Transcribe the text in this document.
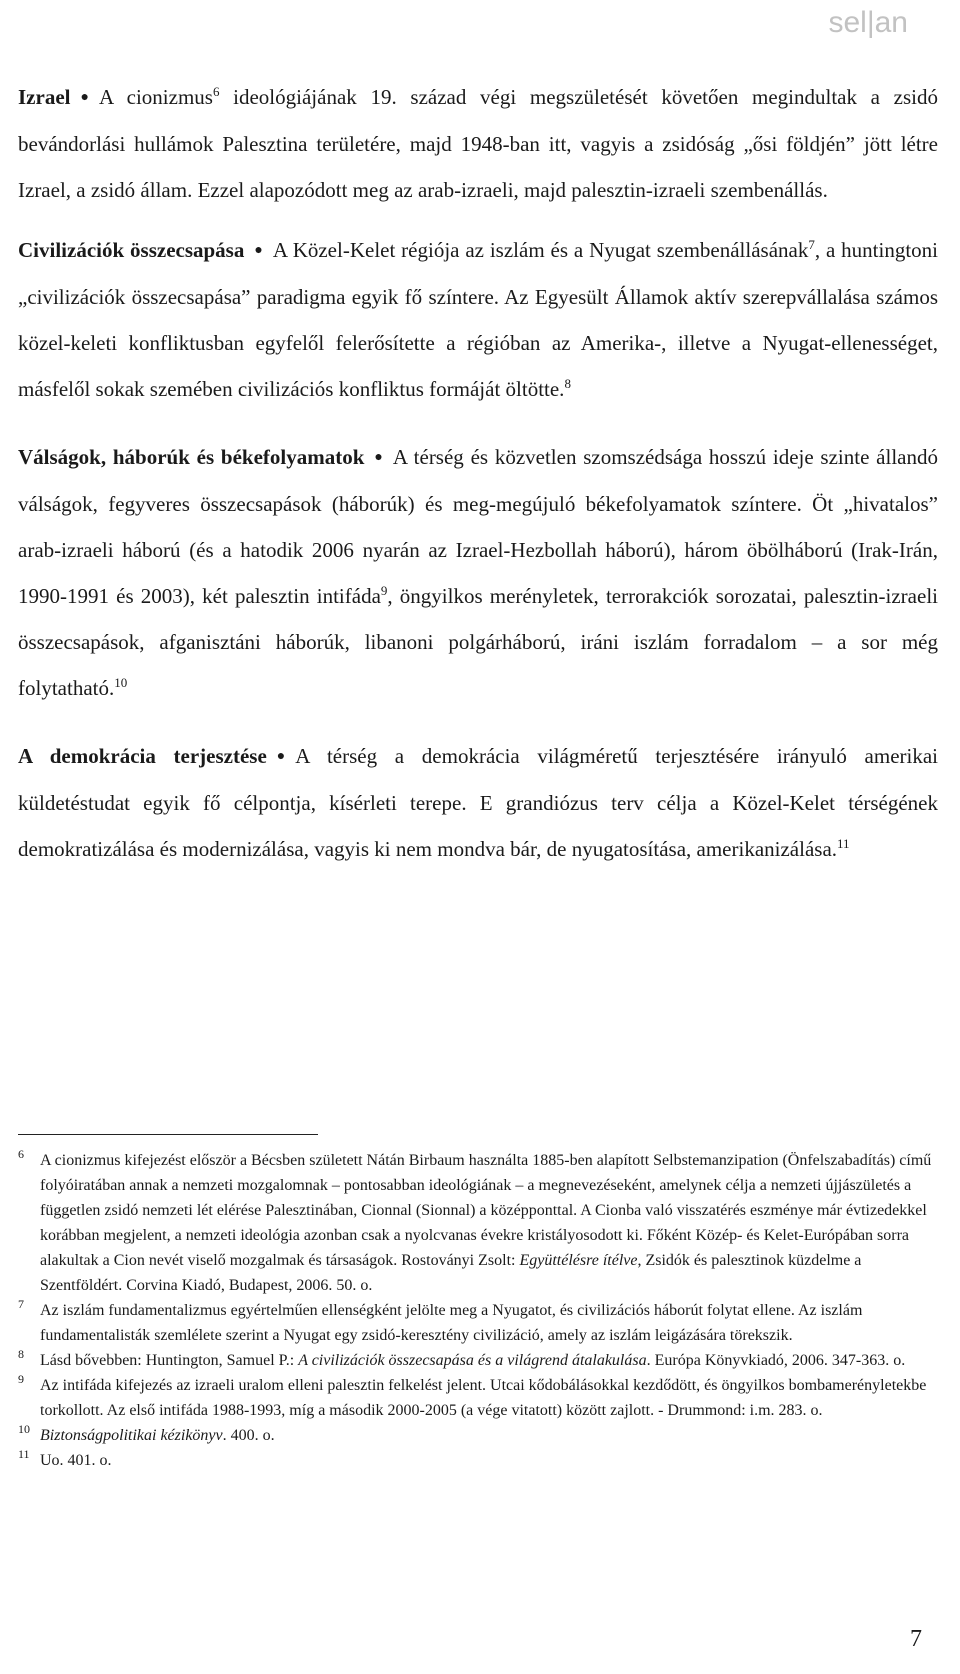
sel|an

Izrael ● A cionizmus$^6$ ideológiájának 19. század végi megszületését követően megindultak a zsidó bevándorlási hullámok Palesztina területére, majd 1948-ban itt, vagyis a zsidóság „ősi földjén” jött létre Izrael, a zsidó állam. Ezzel alapozódott meg az arab-izraeli, majd palesztin-izraeli szembenállás.

Civilizációk összecsapása ● A Közel-Kelet régiója az iszlám és a Nyugat szembenállásának$^7$, a huntingtoni „civilizációk összecsapása” paradigma egyik fő színtere. Az Egyesült Államok aktív szerepvállalása számos közel-keleti konfliktusban egyfelől felerősítette a régióban az Amerika-, illetve a Nyugat-ellenességet, másfelől sokak szemében civilizációs konfliktus formáját öltötte.$^8$

Válságok, háborúk és békefolyamatok ● A térség és közvetlen szomszédsága hosszú ideje szinte állandó válságok, fegyveres összecsapások (háborúk) és meg-megújuló békefolyamatok színtere. Öt „hivatalos” arab-izraeli háború (és a hatodik 2006 nyarán az Izrael-Hezbollah háború), három öbölháború (Irak-Irán, 1990-1991 és 2003), két palesztin intifáda$^9$, öngyilkos merényletek, terrorakciók sorozatai, palesztin-izraeli összecsapások, afganisztáni háborúk, libanoni polgárháború, iráni iszlám forradalom – a sor még folytatható.$^{10}$

A demokrácia terjesztése ● A térség a demokrácia világméretű terjesztésére irányuló amerikai küldetéstudat egyik fő célpontja, kísérleti terepe. E grandiózus terv célja a Közel-Kelet térségének demokratizálása és modernizálása, vagyis ki nem mondva bár, de nyugatosítása, amerikanizálása.$^{11}$

6 A cionizmus kifejezést először a Bécsben született Nátán Birbaum használta 1885-ben alapított Selbstemanzipation (Önfelszabadítás) című folyóiratában annak a nemzeti mozgalomnak – pontosabban ideológiának – a megnevezéseként, amelynek célja a nemzeti újjászületés a független zsidó nemzeti lét elérése Palesztinában, Cionnal (Sionnal) a középponttal. A Cionba való visszatérés eszménye már évtizedekkel korábban megjelent, a nemzeti ideológia azonban csak a nyolcvanas évekre kristályosodott ki. Főként Közép- és Kelet-Európában sorra alakultak a Cion nevét viselő mozgalmak és társaságok. Rostoványi Zsolt: Együttélésre ítélve, Zsidók és palesztinok küzdelme a Szentföldért. Corvina Kiadó, Budapest, 2006. 50. o.
7 Az iszlám fundamentalizmus egyértelműen ellenségként jelölte meg a Nyugatot, és civilizációs háborút folytat ellene. Az iszlám fundamentalisták szemlélete szerint a Nyugat egy zsidó-keresztény civilizáció, amely az iszlám leigázására törekszik.
8 Lásd bővebben: Huntington, Samuel P.: A civilizációk összecsapása és a világrend átalakulása. Európa Könyvkiadó, 2006. 347-363. o.
9 Az intifáda kifejezés az izraeli uralom elleni palesztin felkelést jelent. Utcai kődobálásokkal kezdődött, és öngyilkos bombamerényletekbe torkollott. Az első intifáda 1988-1993, míg a második 2000-2005 (a vége vitatott) között zajlott. - Drummond: i.m. 283. o.
10 Biztonságpolitikai kézikönyv. 400. o.
11 Uo. 401. o.
7
